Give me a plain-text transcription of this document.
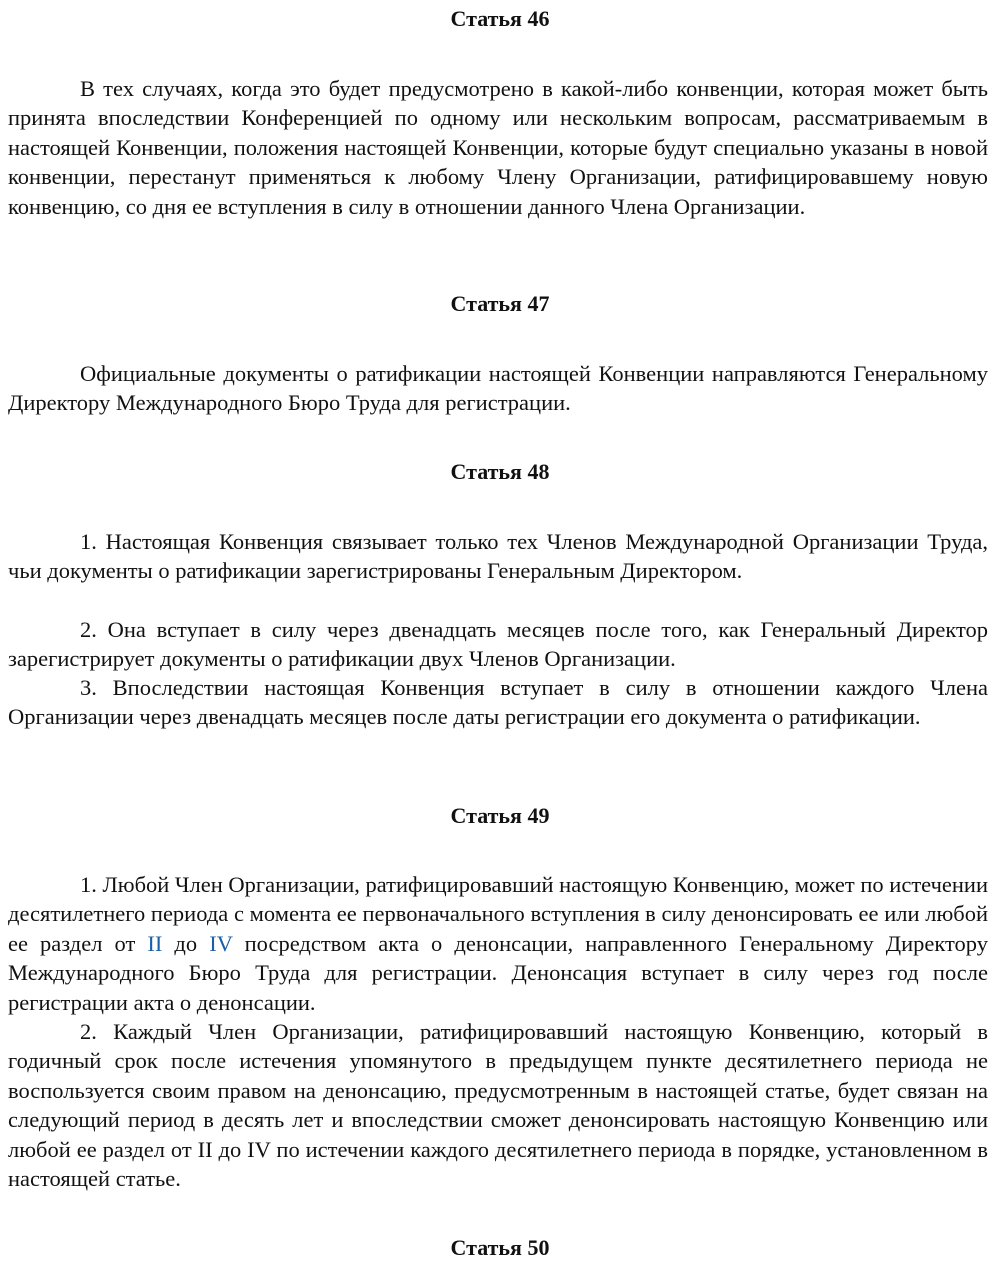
Статья 46

В тех случаях, когда это будет предусмотрено в какой-либо конвенции, которая может быть принята впоследствии Конференцией по одному или нескольким вопросам, рассматриваемым в настоящей Конвенции, положения настоящей Конвенции, которые будут специально указаны в новой конвенции, перестанут применяться к любому Члену Организации, ратифицировавшему новую конвенцию, со дня ее вступления в силу в отношении данного Члена Организации.

Статья 47

Официальные документы о ратификации настоящей Конвенции направляются Генеральному Директору Международного Бюро Труда для регистрации.

Статья 48

1. Настоящая Конвенция связывает только тех Членов Международной Организации Труда, чьи документы о ратификации зарегистрированы Генеральным Директором.

2. Она вступает в силу через двенадцать месяцев после того, как Генеральный Директор зарегистрирует документы о ратификации двух Членов Организации.

3. Впоследствии настоящая Конвенция вступает в силу в отношении каждого Члена Организации через двенадцать месяцев после даты регистрации его документа о ратификации.

Статья 49

1. Любой Член Организации, ратифицировавший настоящую Конвенцию, может по истечении десятилетнего периода с момента ее первоначального вступления в силу денонсировать ее или любой ее раздел от II до IV посредством акта о денонсации, направленного Генеральному Директору Международного Бюро Труда для регистрации. Денонсация вступает в силу через год после регистрации акта о денонсации.

2. Каждый Член Организации, ратифицировавший настоящую Конвенцию, который в годичный срок после истечения упомянутого в предыдущем пункте десятилетнего периода не воспользуется своим правом на денонсацию, предусмотренным в настоящей статье, будет связан на следующий период в десять лет и впоследствии сможет денонсировать настоящую Конвенцию или любой ее раздел от II до IV по истечении каждого десятилетнего периода в порядке, установленном в настоящей статье.

Статья 50
